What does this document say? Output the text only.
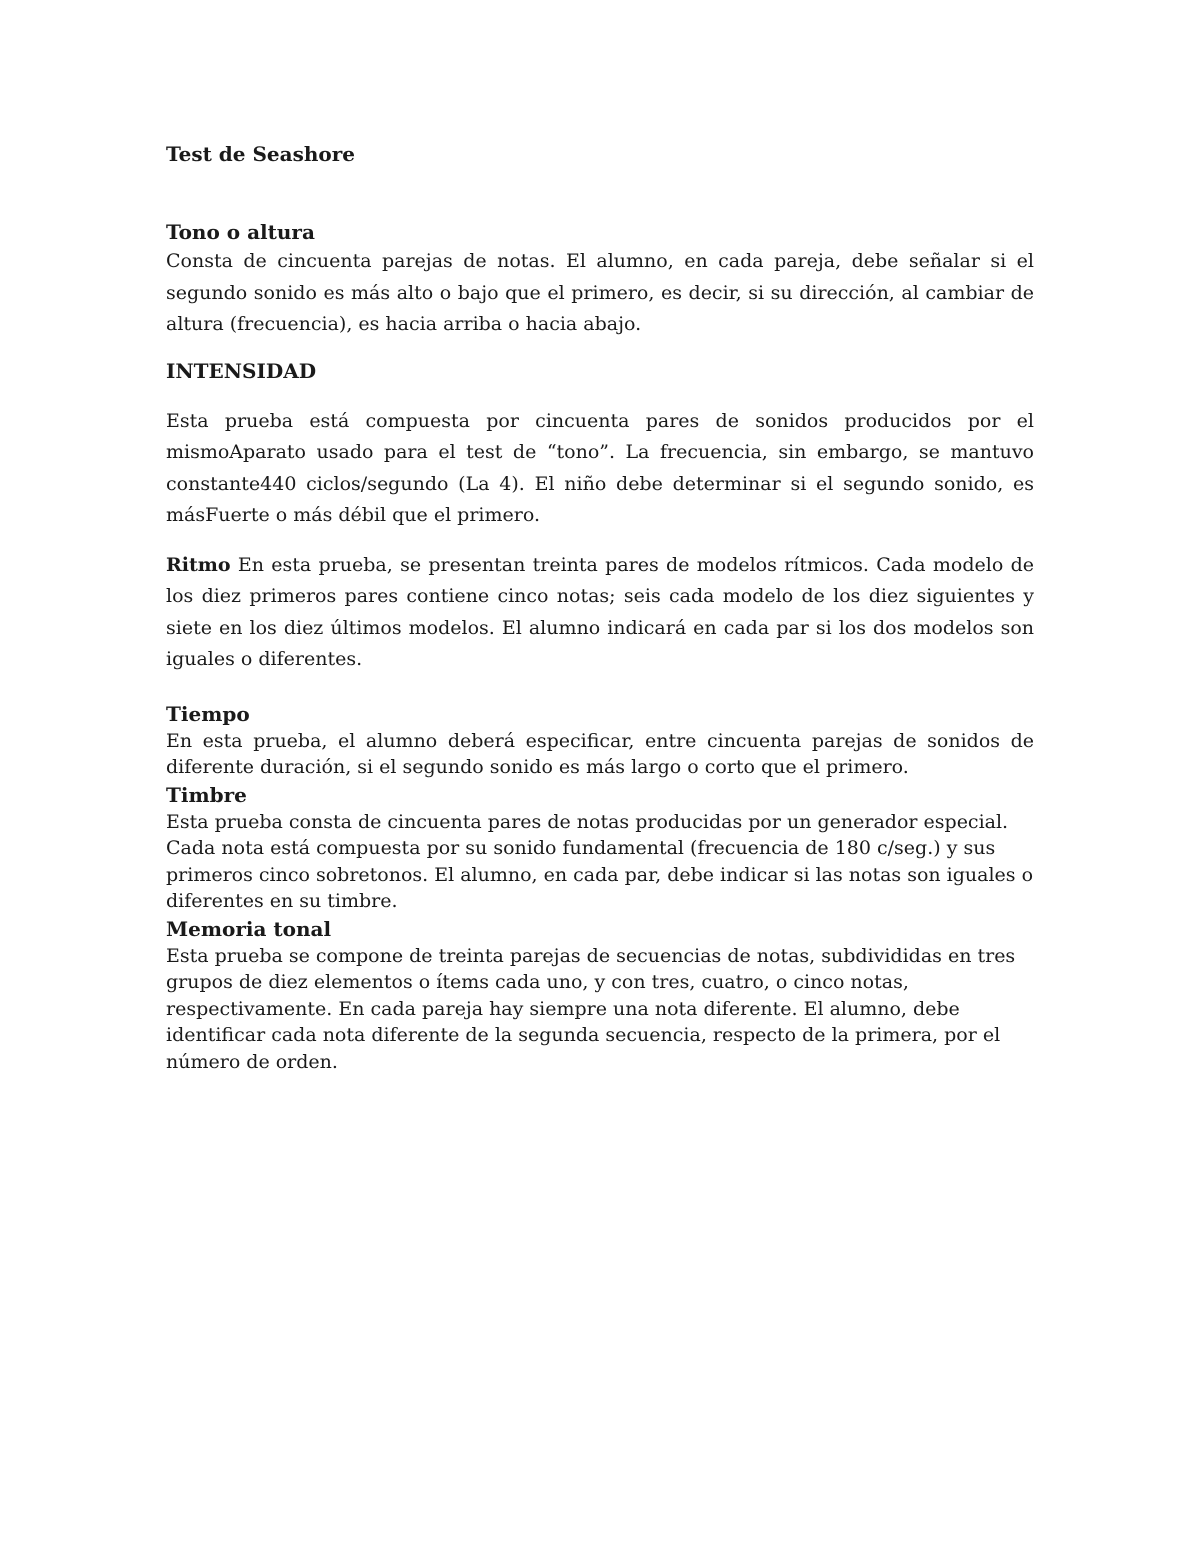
Test de Seashore

Tono o altura

Consta de cincuenta parejas de notas. El alumno, en cada pareja, debe señalar si el segundo sonido es más alto o bajo que el primero, es decir, si su dirección, al cambiar de altura (frecuencia), es hacia arriba o hacia abajo.

INTENSIDAD

Esta prueba está compuesta por cincuenta pares de sonidos producidos por el mismoAparato usado para el test de “tono”. La frecuencia, sin embargo, se mantuvo constante440 ciclos/segundo (La 4). El niño debe determinar si el segundo sonido, es másFuerte o más débil que el primero.

Ritmo En esta prueba, se presentan treinta pares de modelos rítmicos. Cada modelo de los diez primeros pares contiene cinco notas; seis cada modelo de los diez siguientes y siete en los diez últimos modelos. El alumno indicará en cada par si los dos modelos son iguales o diferentes.

Tiempo

En esta prueba, el alumno deberá especificar, entre cincuenta parejas de sonidos de diferente duración, si el segundo sonido es más largo o corto que el primero.

Timbre

Esta prueba consta de cincuenta pares de notas producidas por un generador especial. Cada nota está compuesta por su sonido fundamental (frecuencia de 180 c/seg.) y sus primeros cinco sobretonos. El alumno, en cada par, debe indicar si las notas son iguales o diferentes en su timbre.

Memoria tonal

Esta prueba se compone de treinta parejas de secuencias de notas, subdivididas en tres grupos de diez elementos o ítems cada uno, y con tres, cuatro, o cinco notas, respectivamente. En cada pareja hay siempre una nota diferente. El alumno, debe identificar cada nota diferente de la segunda secuencia, respecto de la primera, por el número de orden.
